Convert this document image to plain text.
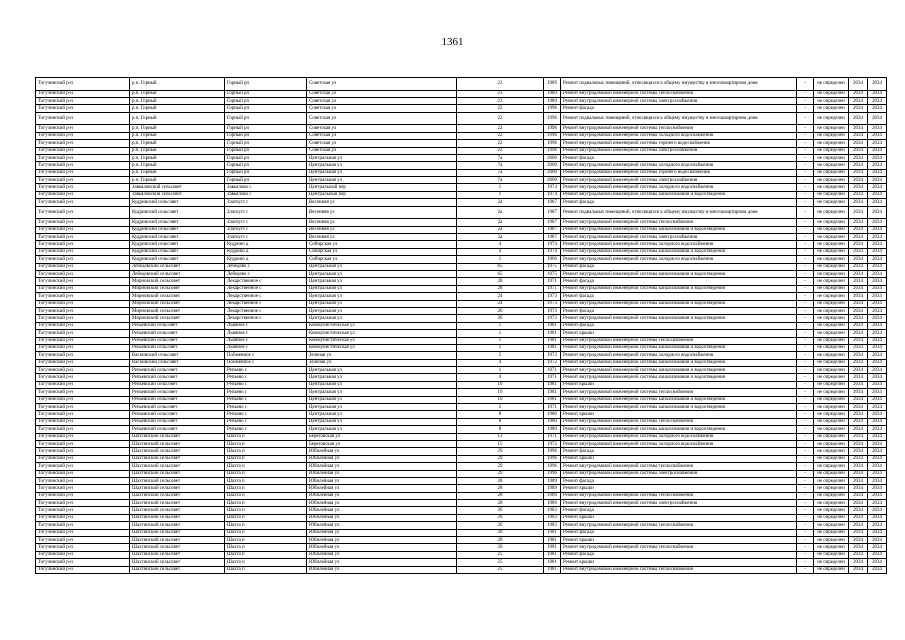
1361
Тогучинский р-н	р.п. Горный	Горный рп	Советская ул	23	1989	Ремонт подвальных помещений, относящихся к общему имуществу в многоквартирном доме	-	не определен	2034	2034
Тогучинский р-н	р.п. Горный	Горный рп	Советская ул	23	1989	Ремонт внутридомовой инженерной системы теплоснабжения	-	не определен	2034	2034
Тогучинский р-н	р.п. Горный	Горный рп	Советская ул	23	1989	Ремонт внутридомовой инженерной системы электроснабжения	-	не определен	2034	2034
Тогучинский р-н	р.п. Горный	Горный рп	Советская ул	22	1996	Ремонт фасада	-	не определен	2034	2034
Тогучинский р-н	р.п. Горный	Горный рп	Советская ул	22	1996	Ремонт подвальных помещений, относящихся к общему имуществу в многоквартирном доме	-	не определен	2034	2034
Тогучинский р-н	р.п. Горный	Горный рп	Советская ул	22	1996	Ремонт внутридомовой инженерной системы теплоснабжения	-	не определен	2034	2034
Тогучинский р-н	р.п. Горный	Горный рп	Советская ул	22	1996	Ремонт внутридомовой инженерной системы холодного водоснабжения	-	не определен	2034	2034
Тогучинский р-н	р.п. Горный	Горный рп	Советская ул	22	1996	Ремонт внутридомовой инженерной системы горячего водоснабжения	-	не определен	2034	2034
Тогучинский р-н	р.п. Горный	Горный рп	Советская ул	22	1996	Ремонт внутридомовой инженерной системы электроснабжения	-	не определен	2034	2034
Тогучинский р-н	р.п. Горный	Горный рп	Центральная ул	7а	2000	Ремонт фасада	-	не определен	2034	2034
Тогучинский р-н	р.п. Горный	Горный рп	Центральная ул	7а	2000	Ремонт внутридомовой инженерной системы холодного водоснабжения	-	не определен	2034	2034
Тогучинский р-н	р.п. Горный	Горный рп	Центральная ул	7а	2000	Ремонт внутридомовой инженерной системы горячего водоснабжения	-	не определен	2034	2034
Тогучинский р-н	р.п. Горный	Горный рп	Центральная ул	7а	2000	Ремонт внутридомовой инженерной системы электроснабжения	-	не определен	2034	2034
Тогучинский р-н	Завьяловский сельсовет	Завьялово с	Центральный пер	1	1974	Ремонт внутридомовой инженерной системы холодного водоснабжения	-	не определен	2034	2034
Тогучинский р-н	Завьяловский сельсовет	Завьялово с	Центральный пер	1	1974	Ремонт внутридомовой инженерной системы канализования и водоотведения	-	не определен	2034	2034
Тогучинский р-н	Кудринский сельсовет	Златоуст с	Весенняя ул	2а	1987	Ремонт фасада	-	не определен	2034	2034
Тогучинский р-н	Кудринский сельсовет	Златоуст с	Весенняя ул	2а	1987	Ремонт подвальных помещений, относящихся к общему имуществу в многоквартирном доме	-	не определен	2034	2034
Тогучинский р-н	Кудринский сельсовет	Златоуст с	Весенняя ул	2а	1987	Ремонт внутридомовой инженерной системы теплоснабжения	-	не определен	2034	2034
Тогучинский р-н	Кудринский сельсовет	Златоуст с	Весенняя ул	2а	1987	Ремонт внутридомовой инженерной системы канализования и водоотведения	-	не определен	2034	2034
Тогучинский р-н	Кудринский сельсовет	Златоуст с	Весенняя ул	2а	1987	Ремонт внутридомовой инженерной системы электроснабжения	-	не определен	2034	2034
Тогучинский р-н	Кудринский сельсовет	Кудрино д	Сибирская ул	4	1974	Ремонт внутридомовой инженерной системы холодного водоснабжения	-	не определен	2034	2034
Тогучинский р-н	Кудринский сельсовет	Кудрино д	Сибирская ул	4	1974	Ремонт внутридомовой инженерной системы канализования и водоотведения	-	не определен	2034	2034
Тогучинский р-н	Кудринский сельсовет	Кудрино д	Сибирская ул	1	1966	Ремонт внутридомовой инженерной системы холодного водоснабжения	-	не определен	2034	2034
Тогучинский р-н	Лебедевский сельсовет	Лебедево с	Центральная ул	65	1975	Ремонт фасада	-	не определен	2034	2034
Тогучинский р-н	Лебедевский сельсовет	Лебедево с	Центральная ул	65	1975	Ремонт внутридомовой инженерной системы канализования и водоотведения	-	не определен	2034	2034
Тогучинский р-н	Мирновский сельсовет	Лекарственное с	Центральная ул	28	1971	Ремонт фасада	-	не определен	2034	2034
Тогучинский р-н	Мирновский сельсовет	Лекарственное с	Центральная ул	28	1971	Ремонт внутридомовой инженерной системы канализования и водоотведения	-	не определен	2034	2034
Тогучинский р-н	Мирновский сельсовет	Лекарственное с	Центральная ул	24	1973	Ремонт фасада	-	не определен	2034	2034
Тогучинский р-н	Мирновский сельсовет	Лекарственное с	Центральная ул	24	1973	Ремонт внутридомовой инженерной системы канализования и водоотведения	-	не определен	2034	2034
Тогучинский р-н	Мирновский сельсовет	Лекарственное с	Центральная ул	26	1973	Ремонт фасада	-	не определен	2034	2034
Тогучинский р-н	Мирновский сельсовет	Лекарственное с	Центральная ул	26	1973	Ремонт внутридомовой инженерной системы канализования и водоотведения	-	не определен	2034	2034
Тогучинский р-н	Репьевский сельсовет	Льняное с	Коммунистическая ул	1	1981	Ремонт фасада	-	не определен	2034	2034
Тогучинский р-н	Репьевский сельсовет	Льняное с	Коммунистическая ул	1	1981	Ремонт крыши	-	не определен	2034	2034
Тогучинский р-н	Репьевский сельсовет	Льняное с	Коммунистическая ул	1	1981	Ремонт внутридомовой инженерной системы теплоснабжения	-	не определен	2034	2034
Тогучинский р-н	Репьевский сельсовет	Льняное с	Коммунистическая ул	1	1981	Ремонт внутридомовой инженерной системы канализования и водоотведения	-	не определен	2034	2034
Тогучинский р-н	Васкинский сельсовет	Пойменное с	Зеленая ул	2	1972	Ремонт внутридомовой инженерной системы холодного водоснабжения	-	не определен	2034	2034
Тогучинский р-н	Васкинский сельсовет	Пойменное с	Зеленая ул	4	1972	Ремонт внутридомовой инженерной системы канализования и водоотведения	-	не определен	2034	2034
Тогучинский р-н	Репьевский сельсовет	Репьево с	Центральная ул	1	1971	Ремонт внутридомовой инженерной системы канализования и водоотведения	-	не определен	2034	2034
Тогучинский р-н	Репьевский сельсовет	Репьево с	Центральная ул	4	1971	Ремонт внутридомовой инженерной системы канализования и водоотведения	-	не определен	2034	2034
Тогучинский р-н	Репьевский сельсовет	Репьево с	Центральная ул	10	1981	Ремонт крыши	-	не определен	2034	2034
Тогучинский р-н	Репьевский сельсовет	Репьево с	Центральная ул	10	1981	Ремонт внутридомовой инженерной системы теплоснабжения	-	не определен	2034	2034
Тогучинский р-н	Репьевский сельсовет	Репьево с	Центральная ул	10	1981	Ремонт внутридомовой инженерной системы канализования и водоотведения	-	не определен	2034	2034
Тогучинский р-н	Репьевский сельсовет	Репьево с	Центральная ул	2	1971	Ремонт внутридомовой инженерной системы канализования и водоотведения	-	не определен	2034	2034
Тогучинский р-н	Репьевский сельсовет	Репьево с	Центральная ул	8	1980	Ремонт крыши	-	не определен	2034	2034
Тогучинский р-н	Репьевский сельсовет	Репьево с	Центральная ул	8	1980	Ремонт внутридомовой инженерной системы теплоснабжения	-	не определен	2034	2034
Тогучинский р-н	Репьевский сельсовет	Репьево с	Центральная ул	8	1980	Ремонт внутридомовой инженерной системы канализования и водоотведения	-	не определен	2034	2034
Тогучинский р-н	Шахтинский сельсовет	Шахта п	Береговская ул	13	1971	Ремонт внутридомовой инженерной системы холодного водоснабжения	-	не определен	2034	2034
Тогучинский р-н	Шахтинский сельсовет	Шахта п	Береговская ул	15	1972	Ремонт внутридомовой инженерной системы холодного водоснабжения	-	не определен	2034	2034
Тогучинский р-н	Шахтинский сельсовет	Шахта п	Юбилейная ул	29	1996	Ремонт фасада	-	не определен	2034	2034
Тогучинский р-н	Шахтинский сельсовет	Шахта п	Юбилейная ул	29	1996	Ремонт крыши	-	не определен	2034	2034
Тогучинский р-н	Шахтинский сельсовет	Шахта п	Юбилейная ул	29	1996	Ремонт внутридомовой инженерной системы теплоснабжения	-	не определен	2034	2034
Тогучинский р-н	Шахтинский сельсовет	Шахта п	Юбилейная ул	29	1996	Ремонт внутридомовой инженерной системы электроснабжения	-	не определен	2034	2034
Тогучинский р-н	Шахтинский сельсовет	Шахта п	Юбилейная ул	28	1989	Ремонт фасада	-	не определен	2034	2034
Тогучинский р-н	Шахтинский сельсовет	Шахта п	Юбилейная ул	28	1989	Ремонт крыши	-	не определен	2034	2034
Тогучинский р-н	Шахтинский сельсовет	Шахта п	Юбилейная ул	28	1989	Ремонт внутридомовой инженерной системы теплоснабжения	-	не определен	2034	2034
Тогучинский р-н	Шахтинский сельсовет	Шахта п	Юбилейная ул	28	1989	Ремонт внутридомовой инженерной системы электроснабжения	-	не определен	2034	2034
Тогучинский р-н	Шахтинский сельсовет	Шахта п	Юбилейная ул	26	1983	Ремонт фасада	-	не определен	2034	2034
Тогучинский р-н	Шахтинский сельсовет	Шахта п	Юбилейная ул	26	1983	Ремонт крыши	-	не определен	2034	2034
Тогучинский р-н	Шахтинский сельсовет	Шахта п	Юбилейная ул	26	1983	Ремонт внутридомовой инженерной системы теплоснабжения	-	не определен	2034	2034
Тогучинский р-н	Шахтинский сельсовет	Шахта п	Юбилейная ул	20	1981	Ремонт фасада	-	не определен	2034	2034
Тогучинский р-н	Шахтинский сельсовет	Шахта п	Юбилейная ул	20	1981	Ремонт крыши	-	не определен	2034	2034
Тогучинский р-н	Шахтинский сельсовет	Шахта п	Юбилейная ул	20	1981	Ремонт внутридомовой инженерной системы теплоснабжения	-	не определен	2034	2034
Тогучинский р-н	Шахтинский сельсовет	Шахта п	Юбилейная ул	25	1981	Ремонт фасада	-	не определен	2034	2034
Тогучинский р-н	Шахтинский сельсовет	Шахта п	Юбилейная ул	25	1981	Ремонт крыши	-	не определен	2034	2034
Тогучинский р-н	Шахтинский сельсовет	Шахта п	Юбилейная ул	25	1981	Ремонт внутридомовой инженерной системы теплоснабжения	-	не определен	2034	2034
